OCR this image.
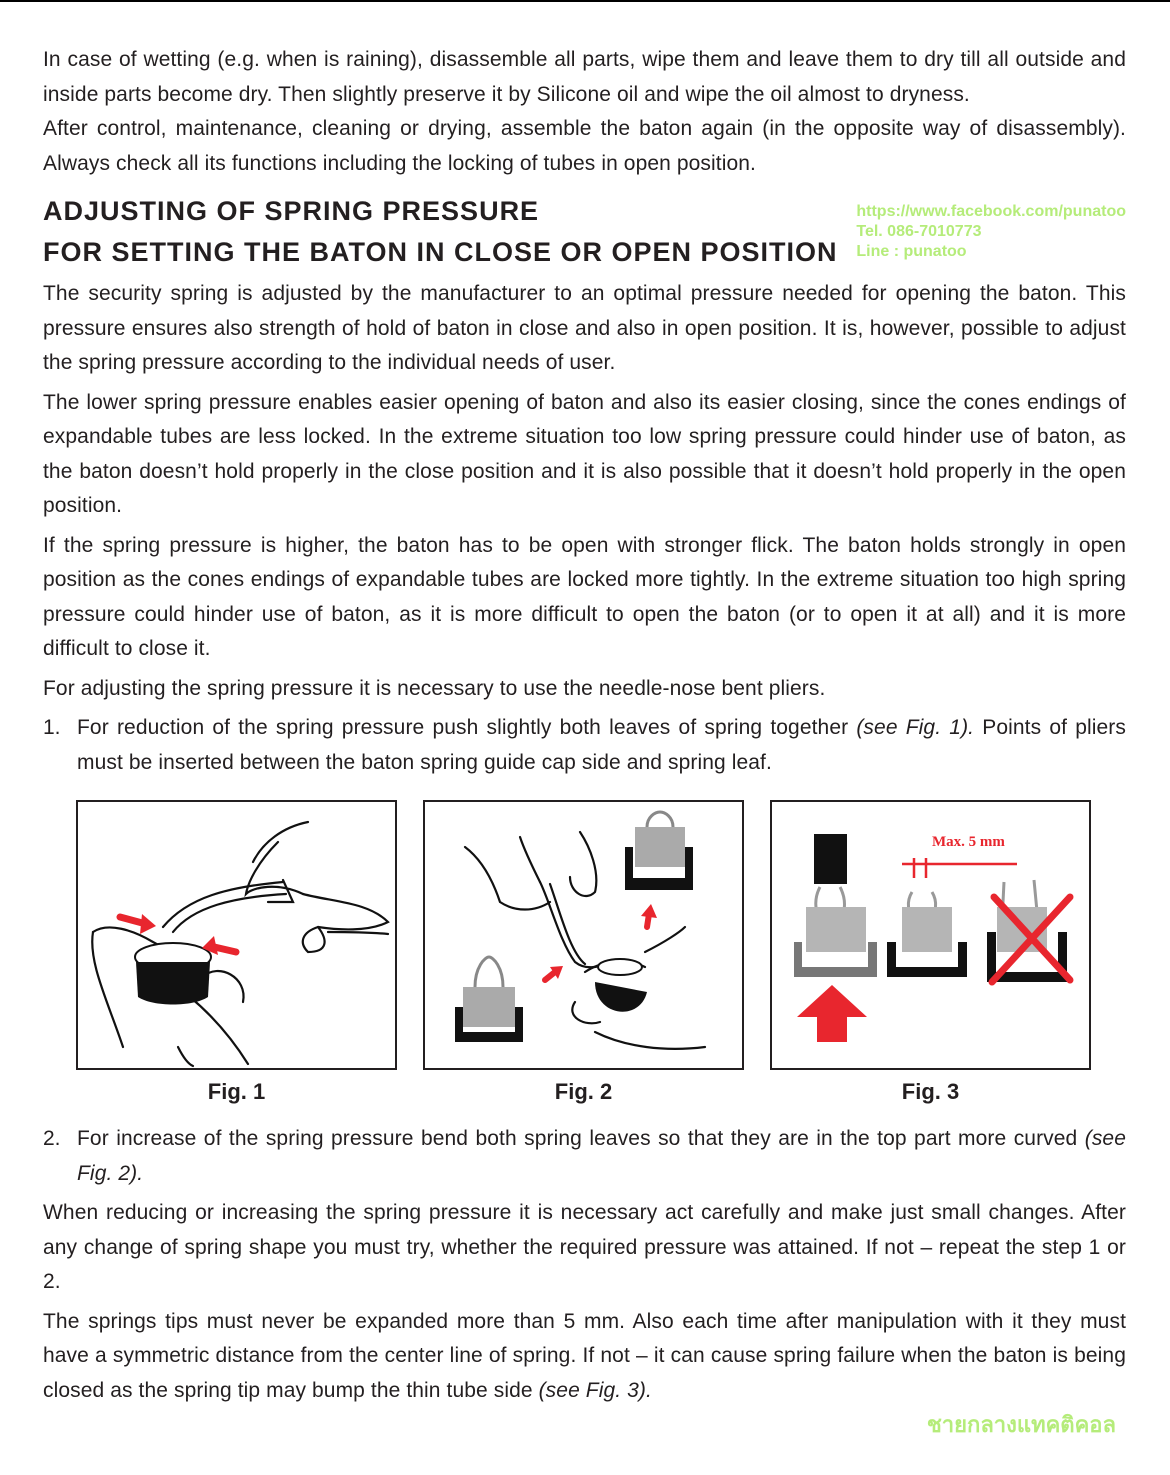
In case of wetting (e.g. when is raining), disassemble all parts, wipe them and leave them to dry till all outside and inside parts become dry. Then slightly preserve it by Silicone oil and wipe the oil almost to dryness.

After control, maintenance, cleaning or drying, assemble the baton again (in the opposite way of disassembly). Always check all its functions including the locking of tubes in open position.

ADJUSTING OF SPRING PRESSURE
FOR SETTING THE BATON IN CLOSE OR OPEN POSITION
https://www.facebook.com/punatoo
Tel. 086-7010773
Line : punatoo

The security spring is adjusted by the manufacturer to an optimal pressure needed for opening the baton. This pressure ensures also strength of hold of baton in close and also in open position. It is, however, possible to adjust the spring pressure according to the individual needs of user.

The lower spring pressure enables easier opening of baton and also its easier closing, since the cones endings of expandable tubes are less locked. In the extreme situation too low spring pressure could hinder use of baton, as the baton doesn’t hold properly in the close position and it is also possible that it doesn’t hold properly in the open position.

If the spring pressure is higher, the baton has to be open with stronger flick. The baton holds strongly in open position as the cones endings of expandable tubes are locked more tightly. In the extreme situation too high spring pressure could hinder use of baton, as it is more difficult to open the baton (or to open it at all) and it is more difficult to close it.

For adjusting the spring pressure it is necessary to use the needle-nose bent pliers.

1. For reduction of the spring pressure push slightly both leaves of spring together (see Fig. 1). Points of pliers must be inserted between the baton spring guide cap side and spring leaf.

Fig. 1	Fig. 2
Max. 5 mm
Fig. 3
2. For increase of the spring pressure bend both spring leaves so that they are in the top part more curved (see Fig. 2).

When reducing or increasing the spring pressure it is necessary act carefully and make just small changes. After any change of spring shape you must try, whether the required pressure was attained. If not – repeat the step 1 or 2.

The springs tips must never be expanded more than 5 mm. Also each time after manipulation with it they must have a symmetric distance from the center line of spring. If not – it can cause spring failure when the baton is being closed as the spring tip may bump the thin tube side (see Fig. 3).

ชายกลางแทคติคอล
